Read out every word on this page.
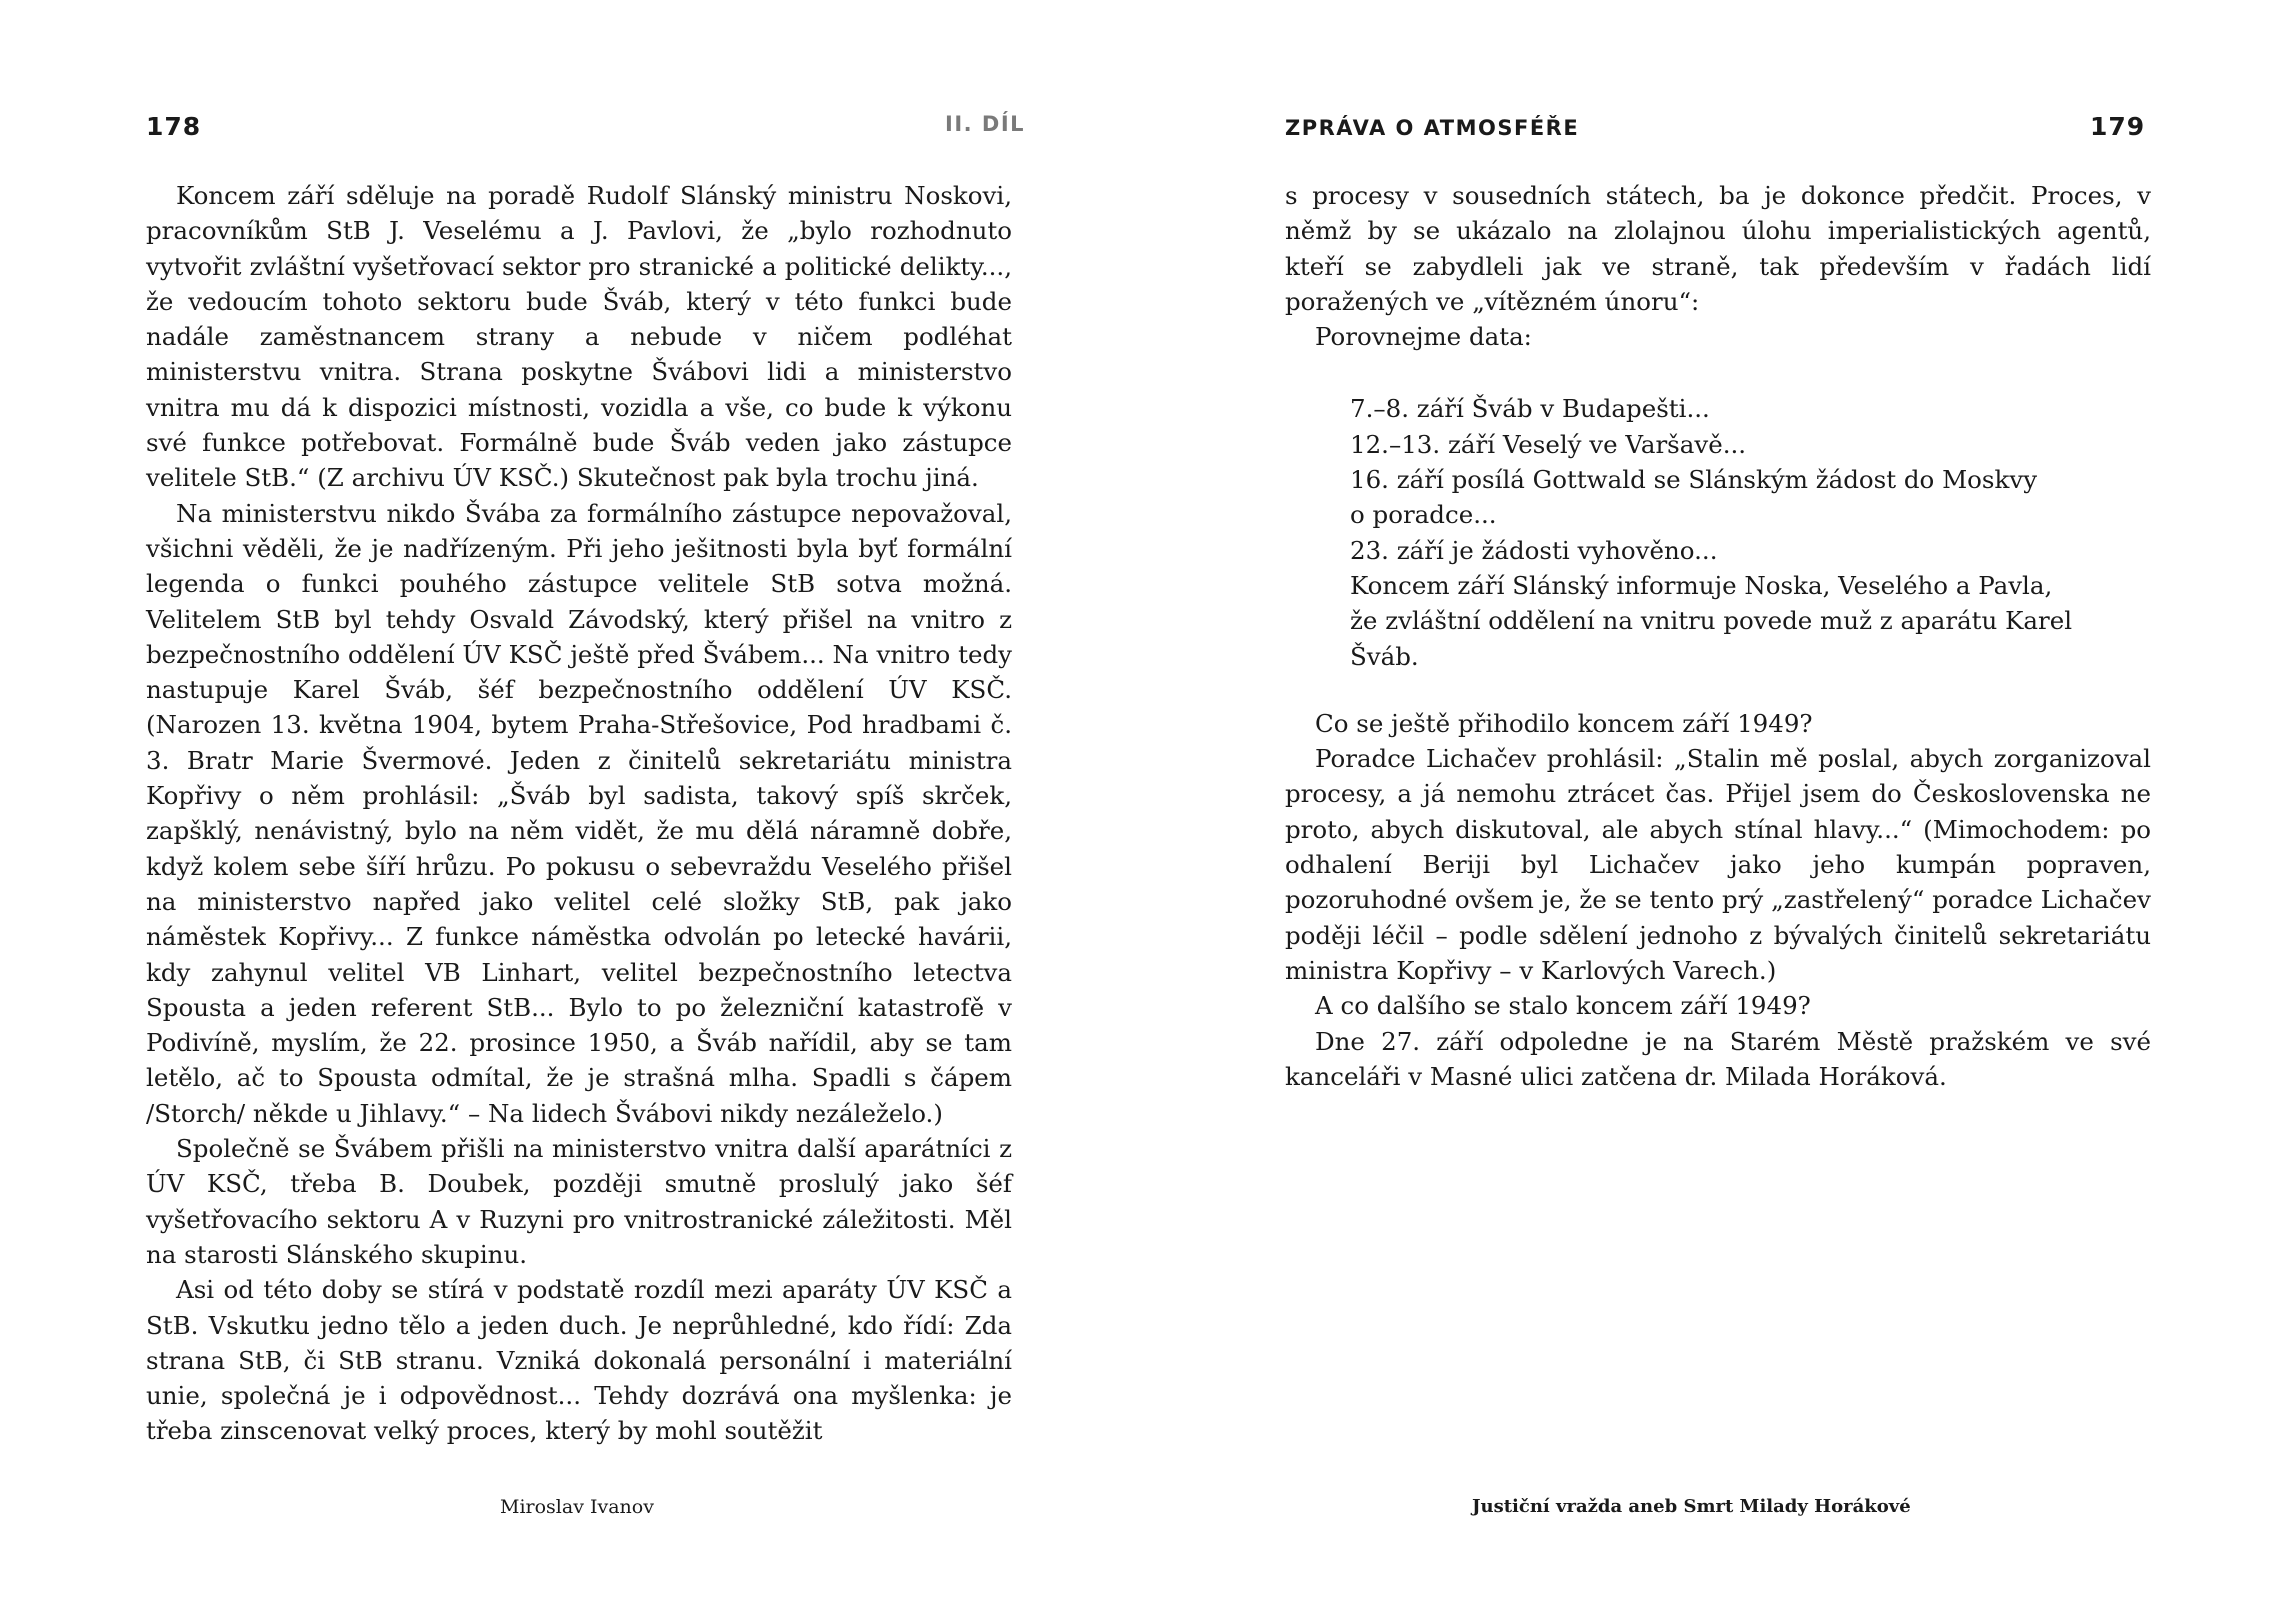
178	II. DÍL

Koncem září sděluje na poradě Rudolf Slánský ministru Noskovi, pracovníkům StB J. Veselému a J. Pavlovi, že „bylo rozhodnuto vytvořit zvláštní vyšetřovací sektor pro stranické a politické delikty..., že vedoucím tohoto sektoru bude Šváb, který v této funkci bude nadále zaměstnancem strany a nebude v ničem podléhat ministerstvu vnitra. Strana poskytne Švábovi lidi a ministerstvo vnitra mu dá k dispozici místnosti, vozidla a vše, co bude k výkonu své funkce potřebovat. Formálně bude Šváb veden jako zástupce velitele StB.“ (Z archivu ÚV KSČ.) Skutečnost pak byla trochu jiná.

Na ministerstvu nikdo Švába za formálního zástupce nepovažoval, všichni věděli, že je nadřízeným. Při jeho ješitnosti byla byť formální legenda o funkci pouhého zástupce velitele StB sotva možná. Velitelem StB byl tehdy Osvald Závodský, který přišel na vnitro z bezpečnostního oddělení ÚV KSČ ještě před Švábem... Na vnitro tedy nastupuje Karel Šváb, šéf bezpečnostního oddělení ÚV KSČ. (Narozen 13. května 1904, bytem Praha-Střešovice, Pod hradbami č. 3. Bratr Marie Švermové. Jeden z činitelů sekretariátu ministra Kopřivy o něm prohlásil: „Šváb byl sadista, takový spíš skrček, zapšklý, nenávistný, bylo na něm vidět, že mu dělá náramně dobře, když kolem sebe šíří hrůzu. Po pokusu o sebevraždu Veselého přišel na ministerstvo napřed jako velitel celé složky StB, pak jako náměstek Kopřivy... Z funkce náměstka odvolán po letecké havárii, kdy zahynul velitel VB Linhart, velitel bezpečnostního letectva Spousta a jeden referent StB... Bylo to po železniční katastrofě v Podivíně, myslím, že 22. prosince 1950, a Šváb nařídil, aby se tam letělo, ač to Spousta odmítal, že je strašná mlha. Spadli s čápem /Storch/ někde u Jihlavy.“ – Na lidech Švábovi nikdy nezáleželo.)

Společně se Švábem přišli na ministerstvo vnitra další aparátníci z ÚV KSČ, třeba B. Doubek, později smutně proslulý jako šéf vyšetřovacího sektoru A v Ruzyni pro vnitrostranické záležitosti. Měl na starosti Slánského skupinu.

Asi od této doby se stírá v podstatě rozdíl mezi aparáty ÚV KSČ a StB. Vskutku jedno tělo a jeden duch. Je neprůhledné, kdo řídí: Zda strana StB, či StB stranu. Vzniká dokonalá personální i materiální unie, společná je i odpovědnost... Tehdy dozrává ona myšlenka: je třeba zinscenovat velký proces, který by mohl soutěžit

Miroslav Ivanov
ZPRÁVA O ATMOSFÉŘE	179

s procesy v sousedních státech, ba je dokonce předčit. Proces, v němž by se ukázalo na zlolajnou úlohu imperialistických agentů, kteří se zabydleli jak ve straně, tak především v řadách lidí poražených ve „vítězném únoru“:

Porovnejme data:

7.–8. září Šváb v Budapešti...
12.–13. září Veselý ve Varšavě...
16. září posílá Gottwald se Slánským žádost do Moskvy
o poradce...
23. září je žádosti vyhověno...
Koncem září Slánský informuje Noska, Veselého a Pavla,
že zvláštní oddělení na vnitru povede muž z aparátu Karel
Šváb.

Co se ještě přihodilo koncem září 1949?

Poradce Lichačev prohlásil: „Stalin mě poslal, abych zorganizoval procesy, a já nemohu ztrácet čas. Přijel jsem do Československa ne proto, abych diskutoval, ale abych stínal hlavy...“ (Mimochodem: po odhalení Beriji byl Lichačev jako jeho kumpán popraven, pozoruhodné ovšem je, že se tento prý „zastřelený“ poradce Lichačev poději léčil – podle sdělení jednoho z bývalých činitelů sekretariátu ministra Kopřivy – v Karlových Varech.)

A co dalšího se stalo koncem září 1949?

Dne 27. září odpoledne je na Starém Městě pražském ve své kanceláři v Masné ulici zatčena dr. Milada Horáková.

Justiční vražda aneb Smrt Milady Horákové
